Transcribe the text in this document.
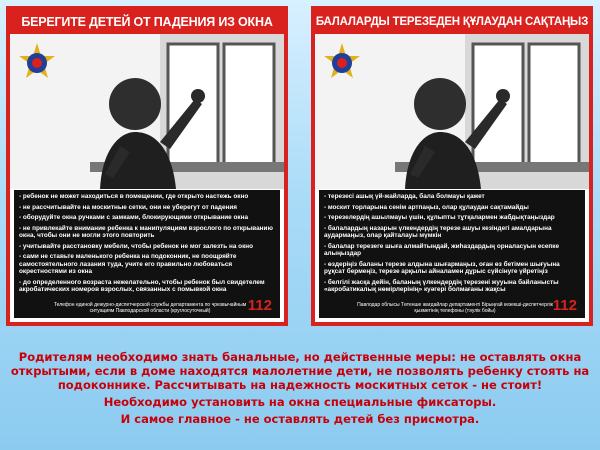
БЕРЕГИТЕ ДЕТЕЙ ОТ ПАДЕНИЯ ИЗ ОКНА
- ребенок не может находиться в помещении, где открыто настежь окно
- не рассчитывайте на москитные сетки, они не уберегут от падения
- оборудуйте окна ручками с замками, блокирующими открывание окна
- не привлекайте внимание ребенка к манипуляциям взрослого по открыванию окна, чтобы они не могли этого повторить
- учитывайте расстановку мебели, чтобы ребенок не мог залезть на окно
- сами не ставьте маленького ребенка на подоконник, не поощряйте самостоятельного лазания туда, учите его правильно любоваться окрестностями из окна
- до определенного возраста нежелательно, чтобы ребенок был свидетелем акробатических номеров взрослых, связанных с помывкой окна
Телефон единой дежурно-диспетчерской службы департамента по чрезвычайным ситуациям Павлодарской области (круглосуточный)	112
БАЛАЛАРДЫ ТЕРЕЗЕДЕН ҚҰЛАУДАН САҚТАҢЫЗ
- терезесі ашық үй-жайларда, бала болмауы қажет
- москит торларына сенім артпаңыз, олар құлаудан сақтамайды
- терезелердің ашылмауы үшін, құлыпты тұтқалармен жабдықтаңыздар
- балалардың назарын үлкендердің терезе ашуы кезіндегі амалдарына аудармаңыз, олар қайталауы мүмкін
- балалар терезеге шыға алмайтындай, жиһаздардың орналасуын есепке алыңыздар
- өздеріңіз баланы терезе алдына шығармаңыз, оған өз бетімен шығуына рұқсат бермеңіз, терезе арқылы айналамен дұрыс сүйсінуге үйретіңіз
- белгілі жасқа дейін, баланың үлкендердің терезені жууына байланысты «акробатикалық нөмірлерінің» куәгері болмағаны жақсы
Павлодар облысы Төтенше жағдайлар департаменті Бірыңғай кезекші-диспетчерлік қызметінің телефоны (тәулік бойы)	112

Родителям необходимо знать банальные, но действенные меры: не оставлять окна открытыми, если в доме находятся малолетние дети, не позволять ребенку стоять на подоконнике. Рассчитывать на надежность москитных сеток - не стоит!

Необходимо установить на окна специальные фиксаторы.

И самое главное - не оставлять детей без присмотра.
